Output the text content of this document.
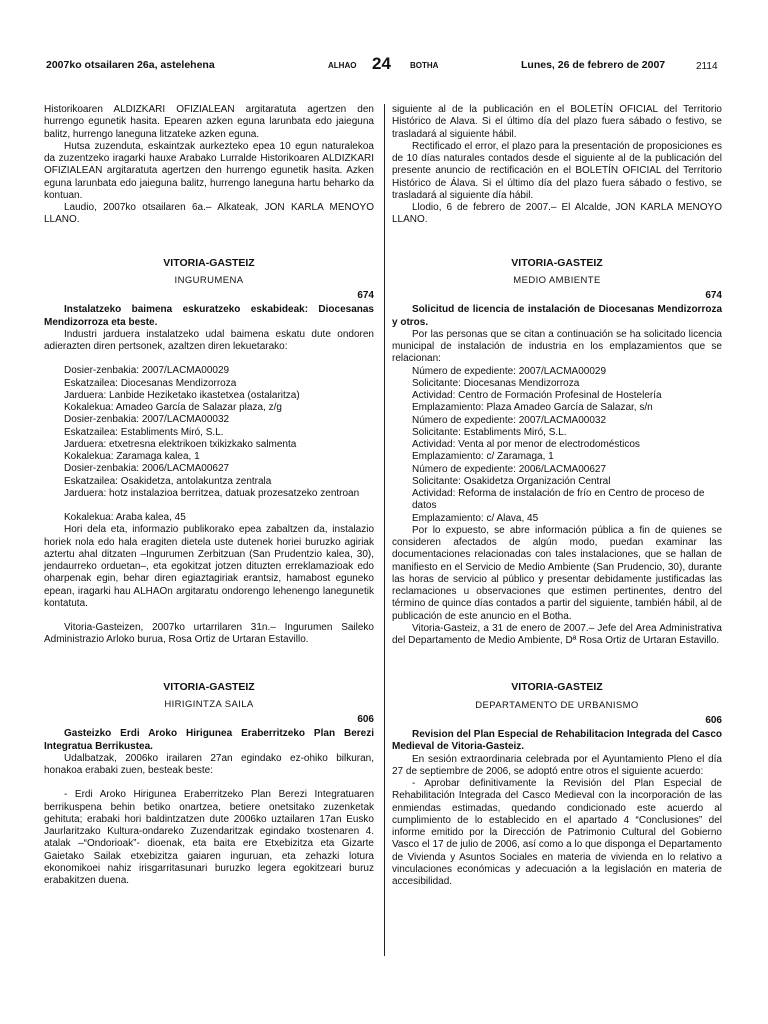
2007ko otsailaren 26a, astelehena	ALHAO 24 BOTHA	Lunes, 26 de febrero de 2007	2114

Historikoaren ALDIZKARI OFIZIALEAN argitaratuta agertzen den hurrengo egunetik hasita. Epearen azken eguna larunbata edo jaieguna balitz, hurrengo laneguna litzateke azken eguna.

Hutsa zuzenduta, eskaintzak aurkezteko epea 10 egun naturalekoa da zuzentzeko iragarki hauxe Arabako Lurralde Historikoaren ALDIZKARI OFIZIALEAN argitaratuta agertzen den hurrengo egunetik hasita. Azken eguna larunbata edo jaieguna balitz, hurrengo laneguna hartu beharko da kontuan.

Laudio, 2007ko otsailaren 6a.– Alkateak, JON KARLA MENOYO LLANO.

VITORIA-GASTEIZ

INGURUMENA

674

Instalatzeko baimena eskuratzeko eskabideak: Diocesanas Mendizorroza eta beste.

Industri jarduera instalatzeko udal baimena eskatu dute ondoren adierazten diren pertsonek, azaltzen diren lekuetarako:

Dosier-zenbakia: 2007/LACMA00029
Eskatzailea: Diocesanas Mendizorroza
Jarduera: Lanbide Heziketako ikastetxea (ostalaritza)
Kokalekua: Amadeo García de Salazar plaza, z/g
Dosier-zenbakia: 2007/LACMA00032
Eskatzailea: Establiments Miró, S.L.
Jarduera: etxetresna elektrikoen txikizkako salmenta
Kokalekua: Zaramaga kalea, 1
Dosier-zenbakia: 2006/LACMA00627
Eskatzailea: Osakidetza, antolakuntza zentrala
Jarduera: hotz instalazioa berritzea, datuak prozesatzeko zentroan
Kokalekua: Araba kalea, 45

Hori dela eta, informazio publikorako epea zabaltzen da, instalazio horiek nola edo hala eragiten dietela uste dutenek horiei buruzko agiriak aztertu ahal ditzaten –Ingurumen Zerbitzuan (San Prudentzio kalea, 30), jendaurreko orduetan–, eta egokitzat jotzen dituzten erreklamazioak edo oharpenak egin, behar diren egiaztagiriak erantsiz, hamabost eguneko epean, iragarki hau ALHAOn argitaratu ondorengo lehenengo lanegunetik kontatuta.

Vitoria-Gasteizen, 2007ko urtarrilaren 31n.– Ingurumen Saileko Administrazio Arloko burua, Rosa Ortiz de Urtaran Estavillo.

VITORIA-GASTEIZ

HIRIGINTZA SAILA

606

Gasteizko Erdi Aroko Hirigunea Eraberritzeko Plan Berezi Integratua Berrikustea.

Udalbatzak, 2006ko irailaren 27an egindako ez-ohiko bilkuran, honakoa erabaki zuen, besteak beste:

- Erdi Aroko Hirigunea Eraberritzeko Plan Berezi Integratuaren berrikuspena behin betiko onartzea, betiere onetsitako zuzenketak gehituta; erabaki hori baldintzatzen dute 2006ko uztailaren 17an Eusko Jaurlaritzako Kultura-ondareko Zuzendaritzak egindako txostenaren 4. atalak –“Ondorioak”- dioenak, eta baita ere Etxebizitza eta Gizarte Gaietako Sailak etxebizitza gaiaren inguruan, eta zehazki lotura ekonomikoei nahiz irisgarritasunari buruzko legera egokitzeari buruz erabakitzen duena.

siguiente al de la publicación en el BOLETÍN OFICIAL del Territorio Histórico de Alava. Si el último día del plazo fuera sábado o festivo, se trasladará al siguiente hábil.

Rectificado el error, el plazo para la presentación de proposiciones es de 10 días naturales contados desde el siguiente al de la publicación del presente anuncio de rectificación en el BOLETÍN OFICIAL del Territorio Histórico de Álava. Si el último día del plazo fuera sábado o festivo, se trasladará al siguiente día hábil.

Llodio, 6 de febrero de 2007.– El Alcalde, JON KARLA MENOYO LLANO.

VITORIA-GASTEIZ

MEDIO AMBIENTE

674

Solicitud de licencia de instalación de Diocesanas Mendizorroza y otros.

Por las personas que se citan a continuación se ha solicitado licencia municipal de instalación de industria en los emplazamientos que se relacionan:

Número de expediente: 2007/LACMA00029
Solicitante: Diocesanas Mendizorroza
Actividad: Centro de Formación Profesinal de Hostelería
Emplazamiento: Plaza Amadeo García de Salazar, s/n
Número de expediente: 2007/LACMA00032
Solicitante: Establiments Miró, S.L.
Actividad: Venta al por menor de electrodomésticos
Emplazamiento: c/ Zaramaga, 1
Número de expediente: 2006/LACMA00627
Solicitante: Osakidetza Organización Central
Actividad: Reforma de instalación de frío en Centro de proceso de datos
Emplazamiento: c/ Alava, 45

Por lo expuesto, se abre información pública a fin de quienes se consideren afectados de algún modo, puedan examinar las documentaciones relacionadas con tales instalaciones, que se hallan de manifiesto en el Servicio de Medio Ambiente (San Prudencio, 30), durante las horas de servicio al público y presentar debidamente justificadas las reclamaciones u observaciones que estimen pertinentes, dentro del término de quince días contados a partir del siguiente, también hábil, al de publicación de este anuncio en el Botha.

Vitoria-Gasteiz, a 31 de enero de 2007.– Jefe del Area Administrativa del Departamento de Medio Ambiente, Dª Rosa Ortiz de Urtaran Estavillo.

VITORIA-GASTEIZ

DEPARTAMENTO DE URBANISMO

606

Revision del Plan Especial de Rehabilitacion Integrada del Casco Medieval de Vitoria-Gasteiz.

En sesión extraordinaria celebrada por el Ayuntamiento Pleno el día 27 de septiembre de 2006, se adoptó entre otros el siguiente acuerdo:

- Aprobar definitivamente la Revisión del Plan Especial de Rehabilitación Integrada del Casco Medieval con la incorporación de las enmiendas estimadas, quedando condicionado este acuerdo al cumplimiento de lo establecido en el apartado 4 “Conclusiones” del informe emitido por la Dirección de Patrimonio Cultural del Gobierno Vasco el 17 de julio de 2006, así como a lo que disponga el Departamento de Vivienda y Asuntos Sociales en materia de vivienda en lo relativo a vinculaciones económicas y adecuación a la legislación en materia de accesibilidad.
